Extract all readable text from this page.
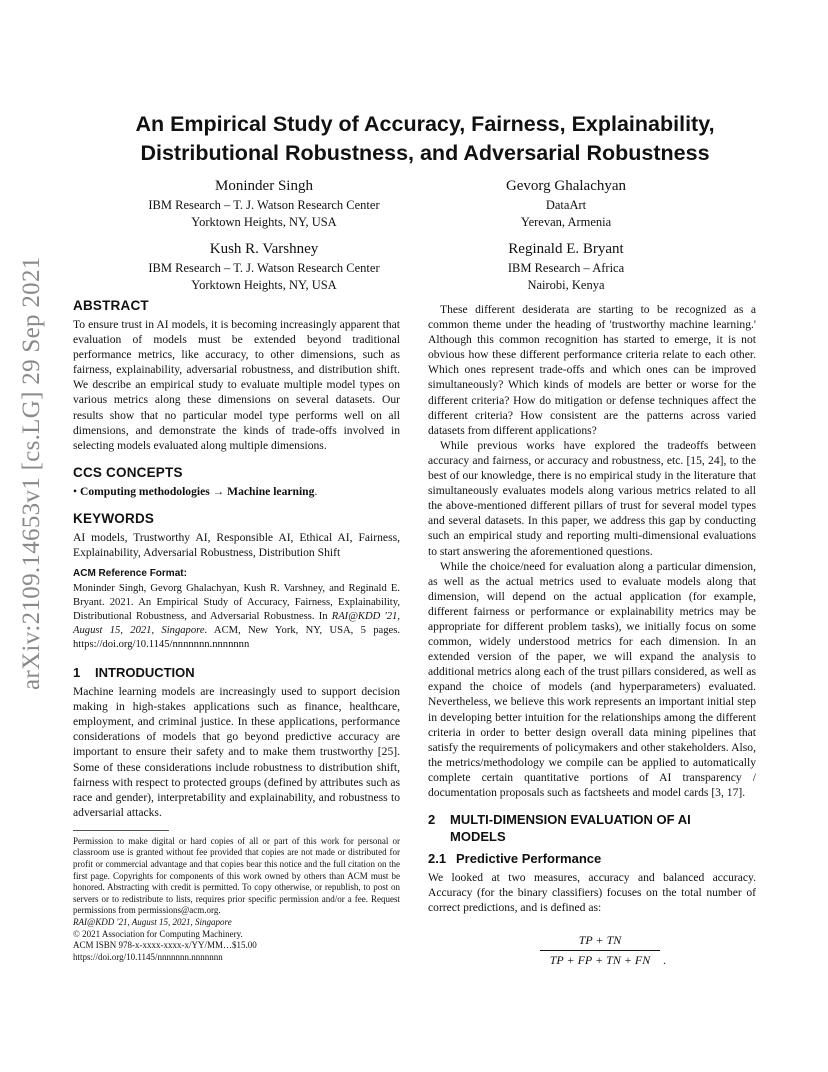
arXiv:2109.14653v1 [cs.LG] 29 Sep 2021
An Empirical Study of Accuracy, Fairness, Explainability,
Distributional Robustness, and Adversarial Robustness
Moninder Singh
IBM Research – T. J. Watson Research Center
Yorktown Heights, NY, USA
Gevorg Ghalachyan
DataArt
Yerevan, Armenia
Kush R. Varshney
IBM Research – T. J. Watson Research Center
Yorktown Heights, NY, USA
Reginald E. Bryant
IBM Research – Africa
Nairobi, Kenya
ABSTRACT

To ensure trust in AI models, it is becoming increasingly apparent that evaluation of models must be extended beyond traditional performance metrics, like accuracy, to other dimensions, such as fairness, explainability, adversarial robustness, and distribution shift. We describe an empirical study to evaluate multiple model types on various metrics along these dimensions on several datasets. Our results show that no particular model type performs well on all dimensions, and demonstrate the kinds of trade-offs involved in selecting models evaluated along multiple dimensions.

CCS CONCEPTS

• Computing methodologies → Machine learning.

KEYWORDS

AI models, Trustworthy AI, Responsible AI, Ethical AI, Fairness, Explainability, Adversarial Robustness, Distribution Shift

ACM Reference Format:

Moninder Singh, Gevorg Ghalachyan, Kush R. Varshney, and Reginald E. Bryant. 2021. An Empirical Study of Accuracy, Fairness, Explainability, Distributional Robustness, and Adversarial Robustness. In RAI@KDD '21, August 15, 2021, Singapore. ACM, New York, NY, USA, 5 pages. https://doi.org/10.1145/nnnnnnn.nnnnnnn

1 INTRODUCTION

Machine learning models are increasingly used to support decision making in high-stakes applications such as finance, healthcare, employment, and criminal justice. In these applications, performance considerations of models that go beyond predictive accuracy are important to ensure their safety and to make them trustworthy [25]. Some of these considerations include robustness to distribution shift, fairness with respect to protected groups (defined by attributes such as race and gender), interpretability and explainability, and robustness to adversarial attacks.

Permission to make digital or hard copies of all or part of this work for personal or classroom use is granted without fee provided that copies are not made or distributed for profit or commercial advantage and that copies bear this notice and the full citation on the first page. Copyrights for components of this work owned by others than ACM must be honored. Abstracting with credit is permitted. To copy otherwise, or republish, to post on servers or to redistribute to lists, requires prior specific permission and/or a fee. Request permissions from permissions@acm.org.

RAI@KDD '21, August 15, 2021, Singapore

© 2021 Association for Computing Machinery.

ACM ISBN 978-x-xxxx-xxxx-x/YY/MM…$15.00

https://doi.org/10.1145/nnnnnnn.nnnnnnn

These different desiderata are starting to be recognized as a common theme under the heading of 'trustworthy machine learning.' Although this common recognition has started to emerge, it is not obvious how these different performance criteria relate to each other. Which ones represent trade-offs and which ones can be improved simultaneously? Which kinds of models are better or worse for the different criteria? How do mitigation or defense techniques affect the different criteria? How consistent are the patterns across varied datasets from different applications?

While previous works have explored the tradeoffs between accuracy and fairness, or accuracy and robustness, etc. [15, 24], to the best of our knowledge, there is no empirical study in the literature that simultaneously evaluates models along various metrics related to all the above-mentioned different pillars of trust for several model types and several datasets. In this paper, we address this gap by conducting such an empirical study and reporting multi-dimensional evaluations to start answering the aforementioned questions.

While the choice/need for evaluation along a particular dimension, as well as the actual metrics used to evaluate models along that dimension, will depend on the actual application (for example, different fairness or performance or explainability metrics may be appropriate for different problem tasks), we initially focus on some common, widely understood metrics for each dimension. In an extended version of the paper, we will expand the analysis to additional metrics along each of the trust pillars considered, as well as expand the choice of models (and hyperparameters) evaluated. Nevertheless, we believe this work represents an important initial step in developing better intuition for the relationships among the different criteria in order to better design overall data mining pipelines that satisfy the requirements of policymakers and other stakeholders. Also, the metrics/methodology we compile can be applied to automatically complete certain quantitative portions of AI transparency / documentation proposals such as factsheets and model cards [3, 17].

2 MULTI-DIMENSION EVALUATION OF AI
MODELS
2.1 Predictive Performance

We looked at two measures, accuracy and balanced accuracy. Accuracy (for the binary classifiers) focuses on the total number of correct predictions, and is defined as:

TP + TN
TP + FP + TN + FN	.
